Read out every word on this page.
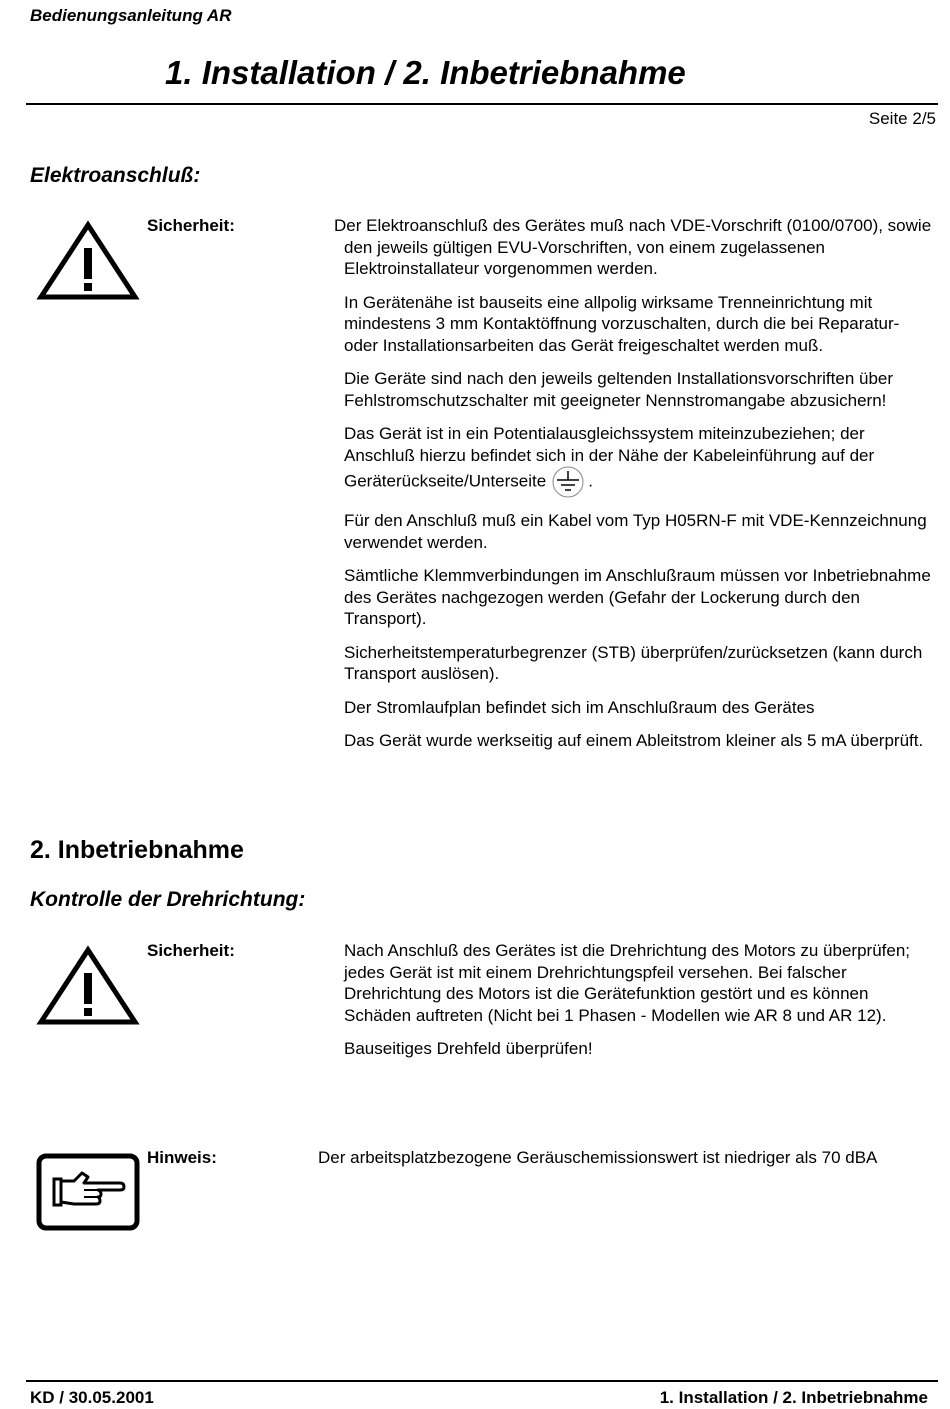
Bedienungsanleitung AR
1. Installation / 2. Inbetriebnahme
Seite 2/5
Elektroanschluß:
Sicherheit:	Der Elektroanschluß des Gerätes muß nach VDE-Vorschrift (0100/0700), sowie den jeweils gültigen EVU-Vorschriften, von einem zugelassenen Elektroinstallateur vorgenommen werden.

In Gerätenähe ist bauseits eine allpolig wirksame Trenneinrichtung mit mindestens 3 mm Kontaktöffnung vorzuschalten, durch die bei Reparatur- oder Installationsarbeiten das Gerät freigeschaltet werden muß.

Die Geräte sind nach den jeweils geltenden Installationsvorschriften über Fehlstromschutzschalter mit geeigneter Nennstromangabe abzusichern!

Das Gerät ist in ein Potentialausgleichssystem miteinzubeziehen; der Anschluß hierzu befindet sich in der Nähe der Kabeleinführung auf der Geräterückseite/Unterseite .

Für den Anschluß muß ein Kabel vom Typ H05RN-F mit VDE-Kennzeichnung verwendet werden.

Sämtliche Klemmverbindungen im Anschlußraum müssen vor Inbetriebnahme des Gerätes nachgezogen werden (Gefahr der Lockerung durch den Transport).

Sicherheitstemperaturbegrenzer (STB) überprüfen/zurücksetzen (kann durch Transport auslösen).

Der Stromlaufplan befindet sich im Anschlußraum des Gerätes

Das Gerät wurde werkseitig auf einem Ableitstrom kleiner als 5 mA überprüft.

2. Inbetriebnahme
Kontrolle der Drehrichtung:
Sicherheit:	Nach Anschluß des Gerätes ist die Drehrichtung des Motors zu überprüfen; jedes Gerät ist mit einem Drehrichtungspfeil versehen. Bei falscher Drehrichtung des Motors ist die Gerätefunktion gestört und es können Schäden auftreten (Nicht bei 1 Phasen - Modellen wie AR 8 und AR 12).

Bauseitiges Drehfeld überprüfen!

Hinweis:	Der arbeitsplatzbezogene Geräuschemissionswert ist niedriger als 70 dBA
KD / 30.05.2001	1. Installation / 2. Inbetriebnahme
